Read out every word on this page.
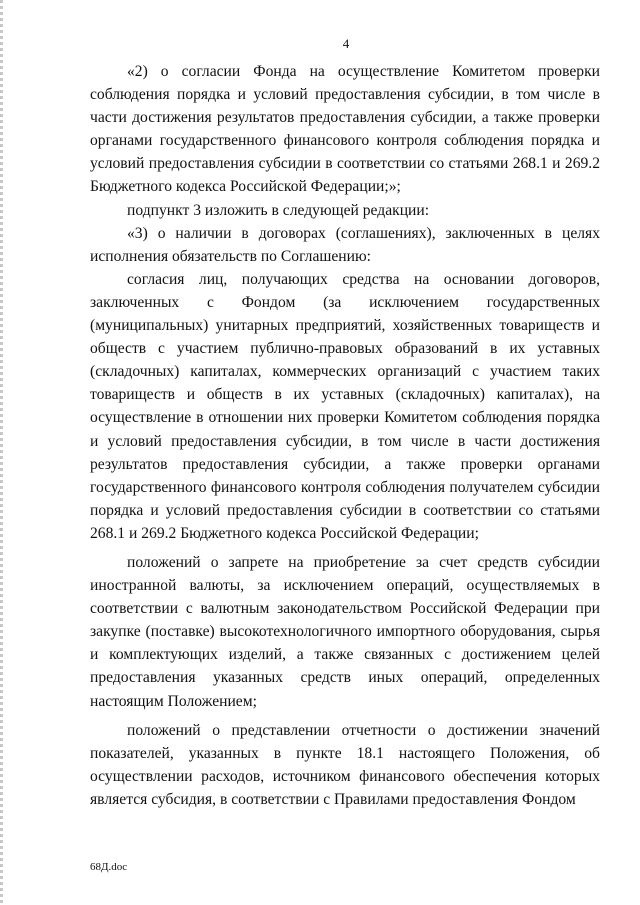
4

«2) о согласии Фонда на осуществление Комитетом проверки соблюдения порядка и условий предоставления субсидии, в том числе в части достижения результатов предоставления субсидии, а также проверки органами государственного финансового контроля соблюдения порядка и условий предоставления субсидии в соответствии со статьями 268.1 и 269.2 Бюджетного кодекса Российской Федерации;»;

подпункт 3 изложить в следующей редакции:

«3) о наличии в договорах (соглашениях), заключенных в целях исполнения обязательств по Соглашению:

согласия лиц, получающих средства на основании договоров, заключенных с Фондом (за исключением государственных (муниципальных) унитарных предприятий, хозяйственных товариществ и обществ с участием публично-правовых образований в их уставных (складочных) капиталах, коммерческих организаций с участием таких товариществ и обществ в их уставных (складочных) капиталах), на осуществление в отношении них проверки Комитетом соблюдения порядка и условий предоставления субсидии, в том числе в части достижения результатов предоставления субсидии, а также проверки органами государственного финансового контроля соблюдения получателем субсидии порядка и условий предоставления субсидии в соответствии со статьями 268.1 и 269.2 Бюджетного кодекса Российской Федерации;

положений о запрете на приобретение за счет средств субсидии иностранной валюты, за исключением операций, осуществляемых в соответствии с валютным законодательством Российской Федерации при закупке (поставке) высокотехнологичного импортного оборудования, сырья и комплектующих изделий, а также связанных с достижением целей предоставления указанных средств иных операций, определенных настоящим Положением;

положений о представлении отчетности о достижении значений показателей, указанных в пункте 18.1 настоящего Положения, об осуществлении расходов, источником финансового обеспечения которых является субсидия, в соответствии с Правилами предоставления Фондом

68Д.doc
